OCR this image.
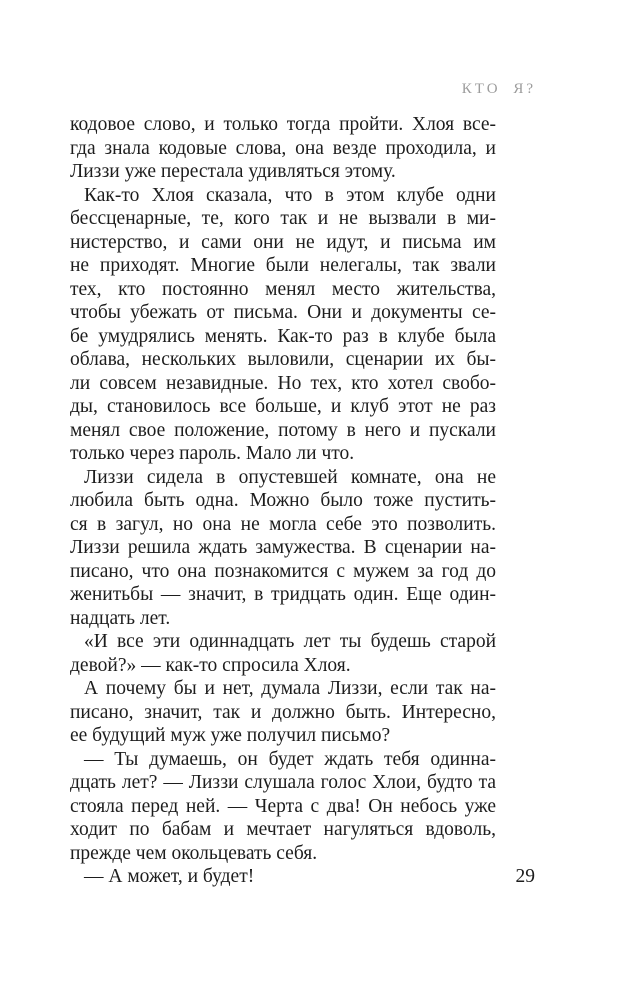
КТО Я?
кодовое слово, и только тогда пройти. Хлоя все-
гда знала кодовые слова, она везде проходила, и
Лиззи уже перестала удивляться этому.
Как-то Хлоя сказала, что в этом клубе одни
бессценарные, те, кого так и не вызвали в ми-
нистерство, и сами они не идут, и письма им
не приходят. Многие были нелегалы, так звали
тех, кто постоянно менял место жительства,
чтобы убежать от письма. Они и документы се-
бе умудрялись менять. Как-то раз в клубе была
облава, нескольких выловили, сценарии их бы-
ли совсем незавидные. Но тех, кто хотел свобо-
ды, становилось все больше, и клуб этот не раз
менял свое положение, потому в него и пускали
только через пароль. Мало ли что.
Лиззи сидела в опустевшей комнате, она не
любила быть одна. Можно было тоже пустить-
ся в загул, но она не могла себе это позволить.
Лиззи решила ждать замужества. В сценарии на-
писано, что она познакомится с мужем за год до
женитьбы — значит, в тридцать один. Еще один-
надцать лет.
«И все эти одиннадцать лет ты будешь старой
девой?» — как-то спросила Хлоя.
А почему бы и нет, думала Лиззи, если так на-
писано, значит, так и должно быть. Интересно,
ее будущий муж уже получил письмо?
— Ты думаешь, он будет ждать тебя одинна-
дцать лет? — Лиззи слушала голос Хлои, будто та
стояла перед ней. — Черта с два! Он небось уже
ходит по бабам и мечтает нагуляться вдоволь,
прежде чем окольцевать себя.
— А может, и будет!	29
